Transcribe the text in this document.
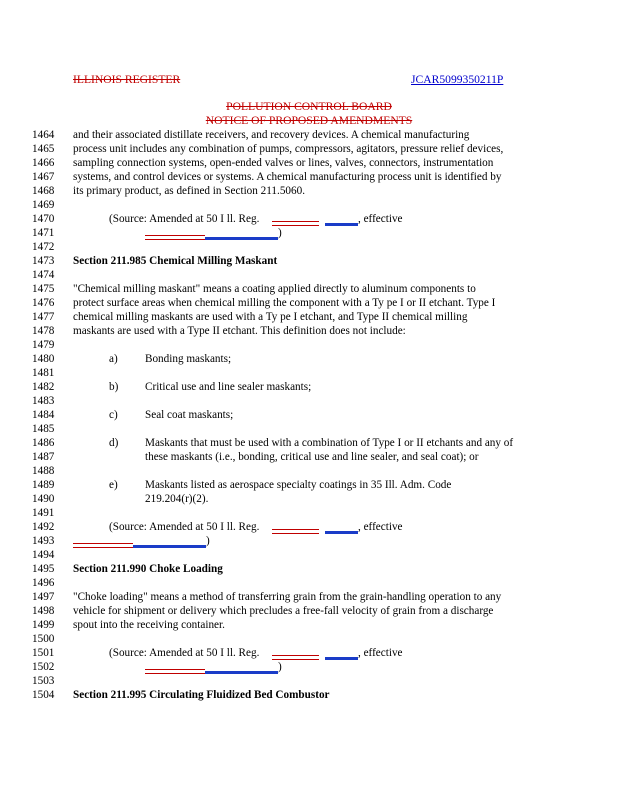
ILLINOIS REGISTER	JCAR5099350211P
POLLUTION CONTROL BOARD
NOTICE OF PROPOSED AMENDMENTS
1464
1465
1466
1467
1468
1469
1470
1471
1472
1473
1474
1475
1476
1477
1478
1479
1480
1481
1482
1483
1484
1485
1486
1487
1488
1489
1490
1491
1492
1493
1494
1495
1496
1497
1498
1499
1500
1501
1502
1503
1504
and their associated distillate receivers, and recovery devices. A chemical manufacturing
process unit includes any combination of pumps, compressors, agitators, pressure relief devices,
sampling connection systems, open-ended valves or lines, valves, connectors, instrumentation
systems, and control devices or systems. A chemical manufacturing process unit is identified by
its primary product, as defined in Section 211.5060.
(Source: Amended at 50 I ll. Reg.	, effective
)
Section 211.985 Chemical Milling Maskant
"Chemical milling maskant" means a coating applied directly to aluminum components to
protect surface areas when chemical milling the component with a Ty pe I or II etchant. Type I
chemical milling maskants are used with a Ty pe I etchant, and Type II chemical milling
maskants are used with a Type II etchant. This definition does not include:
a) Bonding maskants;
b) Critical use and line sealer maskants;
c) Seal coat maskants;
d) Maskants that must be used with a combination of Type I or II etchants and any of
these maskants (i.e., bonding, critical use and line sealer, and seal coat); or
e) Maskants listed as aerospace specialty coatings in 35 Ill. Adm. Code
219.204(r)(2).
(Source: Amended at 50 I ll. Reg.	, effective
)
Section 211.990 Choke Loading
"Choke loading" means a method of transferring grain from the grain-handling operation to any
vehicle for shipment or delivery which precludes a free-fall velocity of grain from a discharge
spout into the receiving container.
(Source: Amended at 50 I ll. Reg.	, effective
)
Section 211.995 Circulating Fluidized Bed Combustor
